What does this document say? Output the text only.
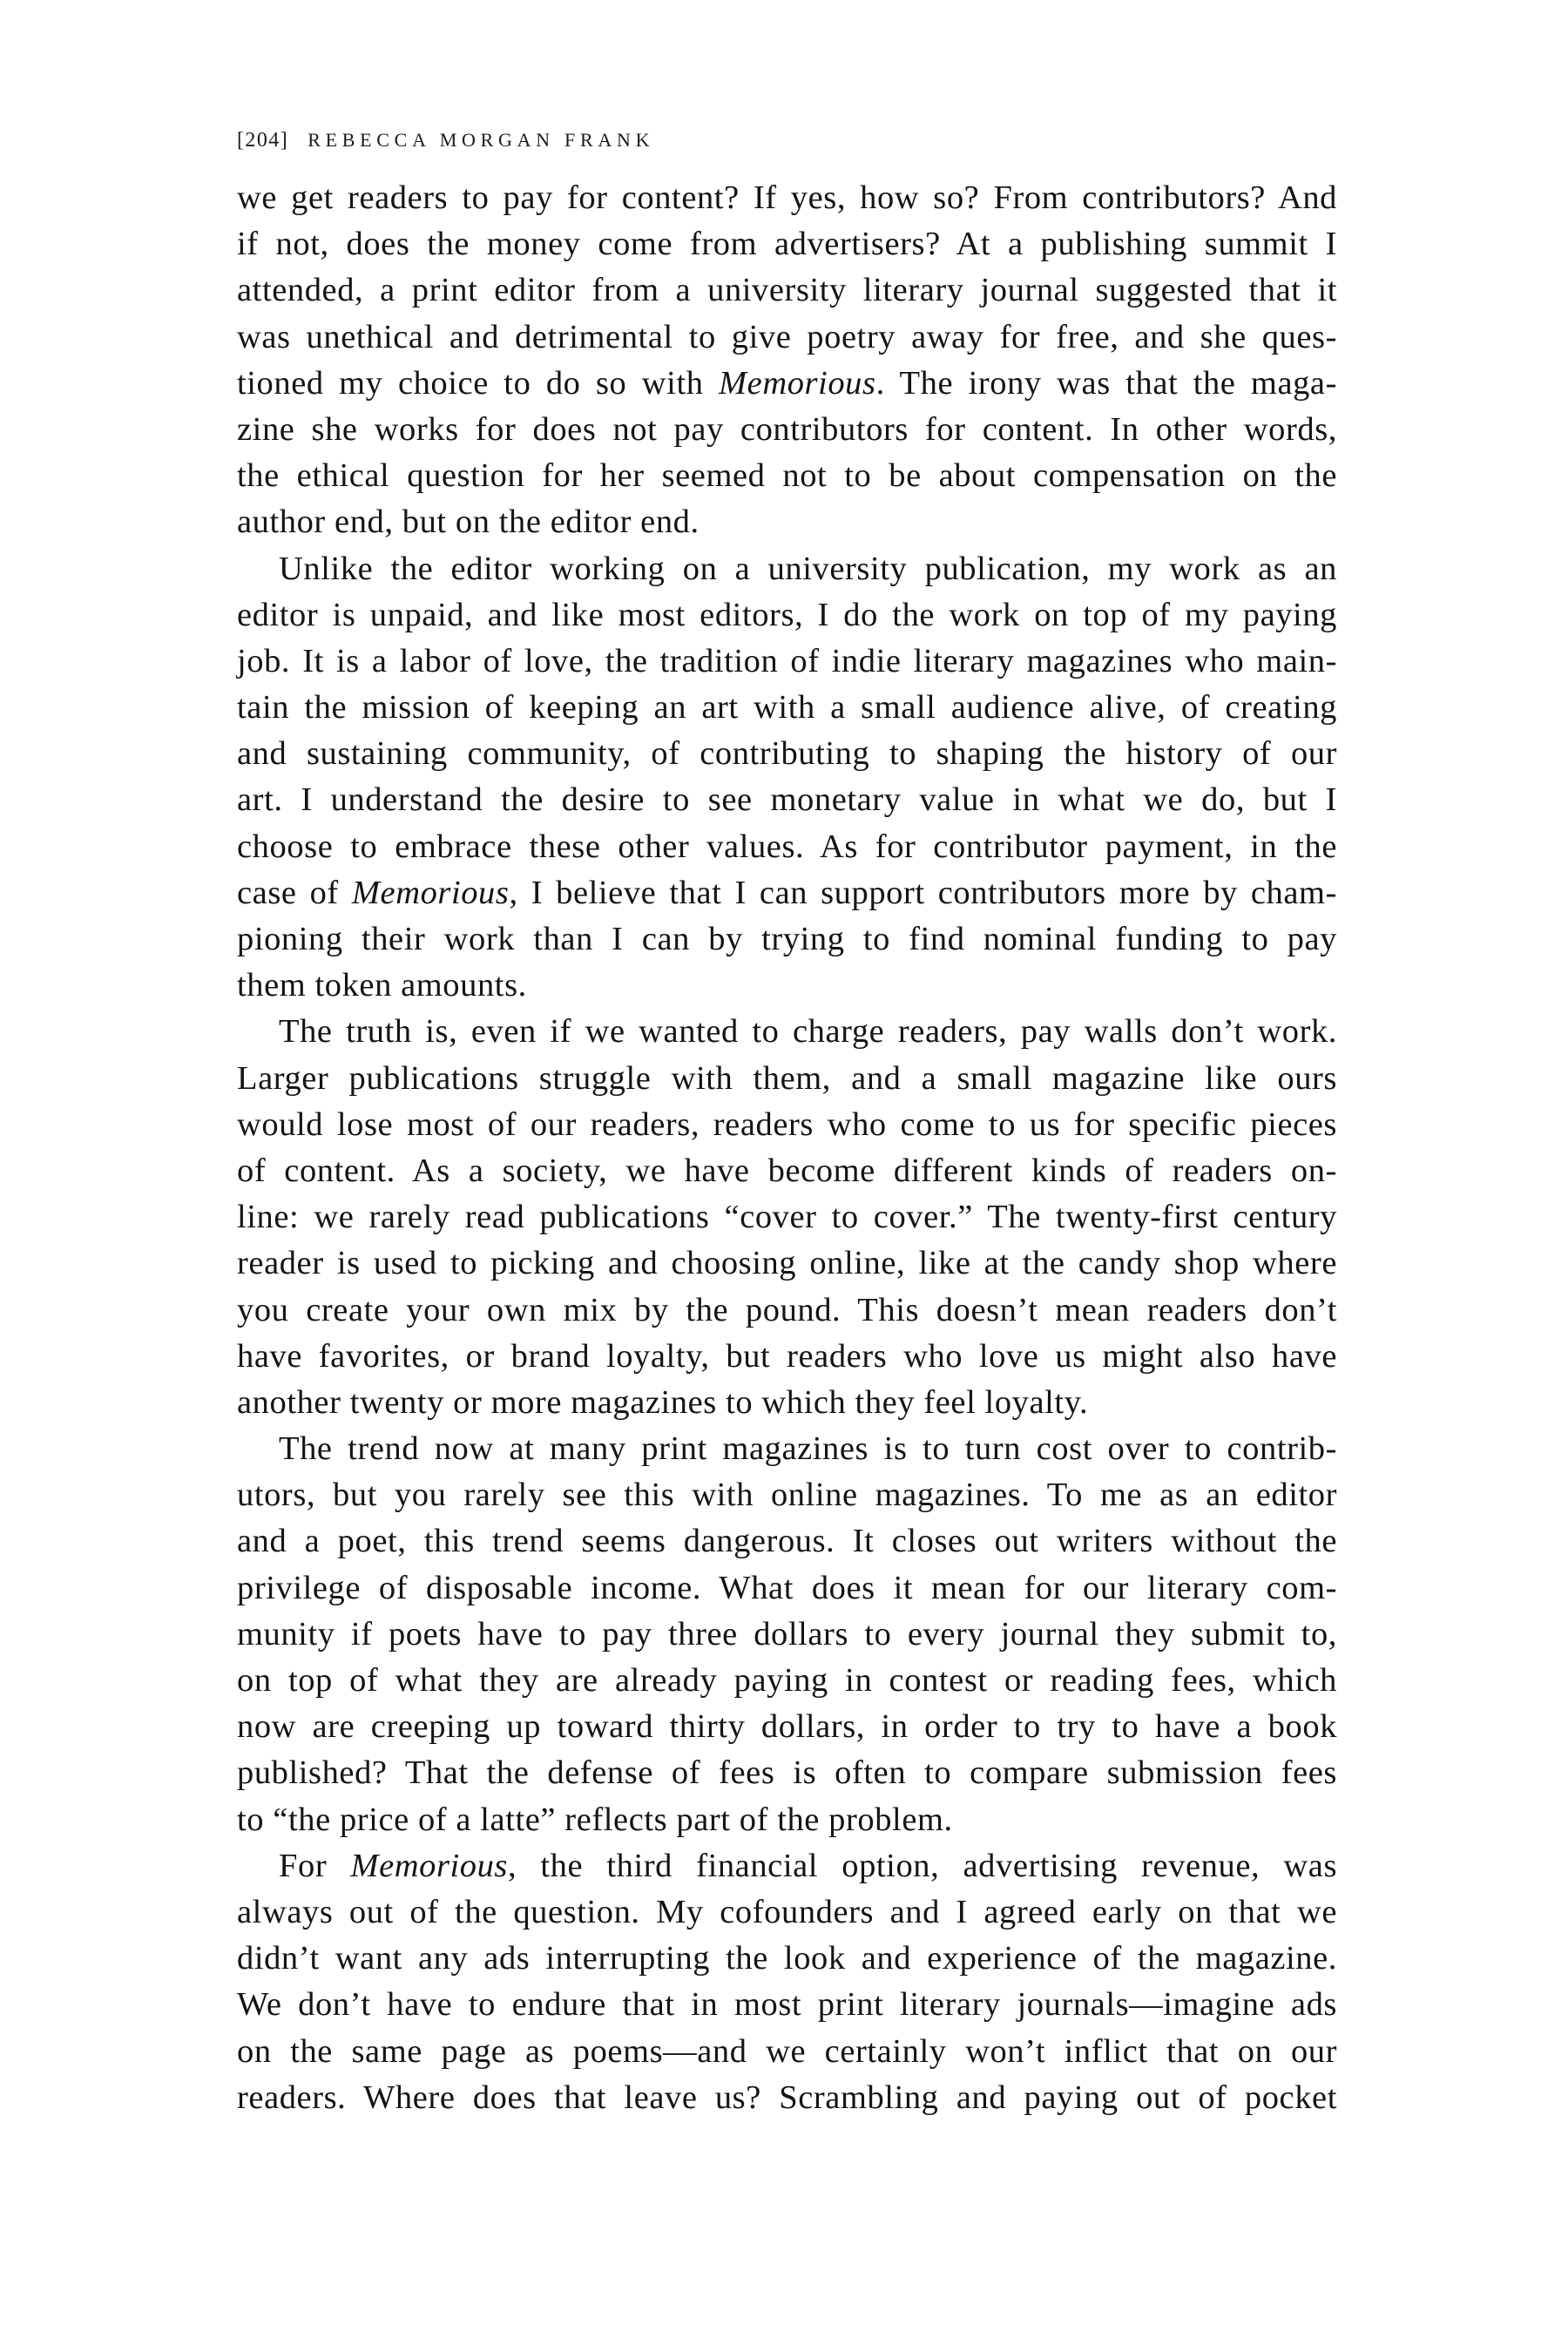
[204] REBECCA MORGAN FRANK
we get readers to pay for content? If yes, how so? From contributors? And
if not, does the money come from advertisers? At a publishing summit I
attended, a print editor from a university literary journal suggested that it
was unethical and detrimental to give poetry away for free, and she ques-
tioned my choice to do so with Memorious. The irony was that the maga-
zine she works for does not pay contributors for content. In other words,
the ethical question for her seemed not to be about compensation on the
author end, but on the editor end.
Unlike the editor working on a university publication, my work as an
editor is unpaid, and like most editors, I do the work on top of my paying
job. It is a labor of love, the tradition of indie literary magazines who main-
tain the mission of keeping an art with a small audience alive, of creating
and sustaining community, of contributing to shaping the history of our
art. I understand the desire to see monetary value in what we do, but I
choose to embrace these other values. As for contributor payment, in the
case of Memorious, I believe that I can support contributors more by cham-
pioning their work than I can by trying to find nominal funding to pay
them token amounts.
The truth is, even if we wanted to charge readers, pay walls don’t work.
Larger publications struggle with them, and a small magazine like ours
would lose most of our readers, readers who come to us for specific pieces
of content. As a society, we have become different kinds of readers on-
line: we rarely read publications “cover to cover.” The twenty-first century
reader is used to picking and choosing online, like at the candy shop where
you create your own mix by the pound. This doesn’t mean readers don’t
have favorites, or brand loyalty, but readers who love us might also have
another twenty or more magazines to which they feel loyalty.
The trend now at many print magazines is to turn cost over to contrib-
utors, but you rarely see this with online magazines. To me as an editor
and a poet, this trend seems dangerous. It closes out writers without the
privilege of disposable income. What does it mean for our literary com-
munity if poets have to pay three dollars to every journal they submit to,
on top of what they are already paying in contest or reading fees, which
now are creeping up toward thirty dollars, in order to try to have a book
published? That the defense of fees is often to compare submission fees
to “the price of a latte” reflects part of the problem.
For Memorious, the third financial option, advertising revenue, was
always out of the question. My cofounders and I agreed early on that we
didn’t want any ads interrupting the look and experience of the magazine.
We don’t have to endure that in most print literary journals—imagine ads
on the same page as poems—and we certainly won’t inflict that on our
readers. Where does that leave us? Scrambling and paying out of pocket
